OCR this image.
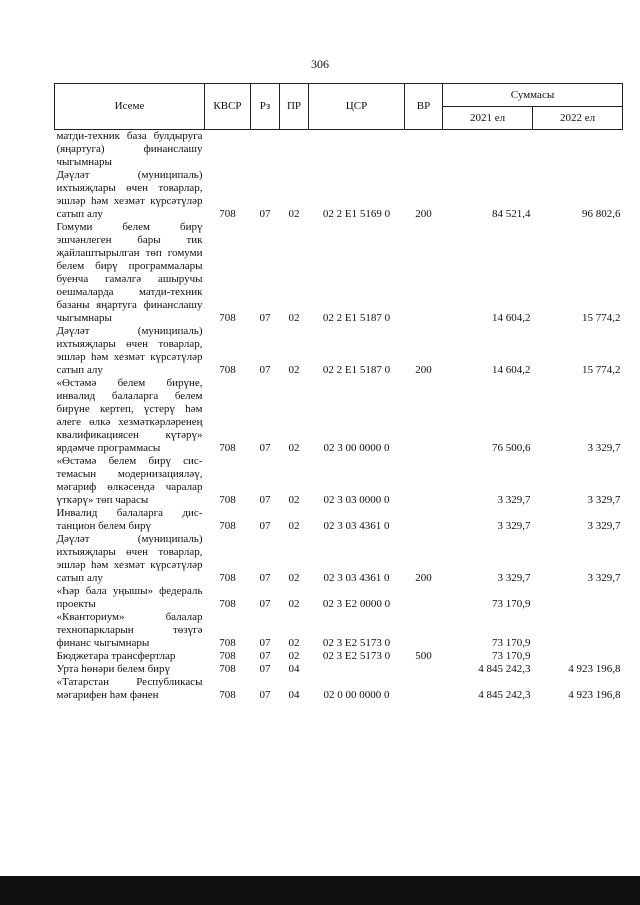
306
Исеме	КВСР	Рз	ПР	ЦСР	ВР	Суммасы	
						2021 ел	2022 ел
матди-техник база булдыруга (яңартуга) финанслашу чыгымнары							
Дәүләт (муниципаль) ихтыяҗлары өчен товарлар, эшләр һәм хезмәт күрсәтүләр сатып алу	708	07	02	02 2 E1 5169 0	200	84 521,4	96 802,6
Гомуми белем бирү эшчәнлеген бары тик җайлаштырылган төп гомуми белем бирү программалары буенча гамәлгә ашыручы оешмаларда матди-техник базаны яңартуга финанслашу чыгымнары	708	07	02	02 2 E1 5187 0		14 604,2	15 774,2
Дәүләт (муниципаль) ихтыяҗлары өчен товарлар, эшләр һәм хезмәт күрсәтүләр сатып алу	708	07	02	02 2 E1 5187 0	200	14 604,2	15 774,2
«Өстәмә белем бирүне, инвалид балаларга белем бирүне кертеп, үстерү һәм әлеге өлкә хезмәткәрләренең квалификациясен күтәрү» ярдәмче программасы	708	07	02	02 3 00 0000 0		76 500,6	3 329,7
«Өстәмә белем бирү системасын модернизацияләү, мәгариф өлкәсендә чаралар үткәрү» төп чарасы	708	07	02	02 3 03 0000 0		3 329,7	3 329,7
Инвалид балаларга дистанцион белем бирү	708	07	02	02 3 03 4361 0		3 329,7	3 329,7
Дәүләт (муниципаль) ихтыяҗлары өчен товарлар, эшләр һәм хезмәт күрсәтүләр сатып алу	708	07	02	02 3 03 4361 0	200	3 329,7	3 329,7
«Һәр бала уңышы» федераль проекты	708	07	02	02 3 E2 0000 0		73 170,9	
«Кванториум» балалар технопаркларын төзүгә финанс чыгымнары	708	07	02	02 3 E2 5173 0		73 170,9	
Бюджетара трансфертлар	708	07	02	02 3 E2 5173 0	500	73 170,9	
Урта һөнәри белем бирү	708	07	04			4 845 242,3	4 923 196,8
«Татарстан Республикасы мәгарифен һәм фәнен	708	07	04	02 0 00 0000 0		4 845 242,3	4 923 196,8
